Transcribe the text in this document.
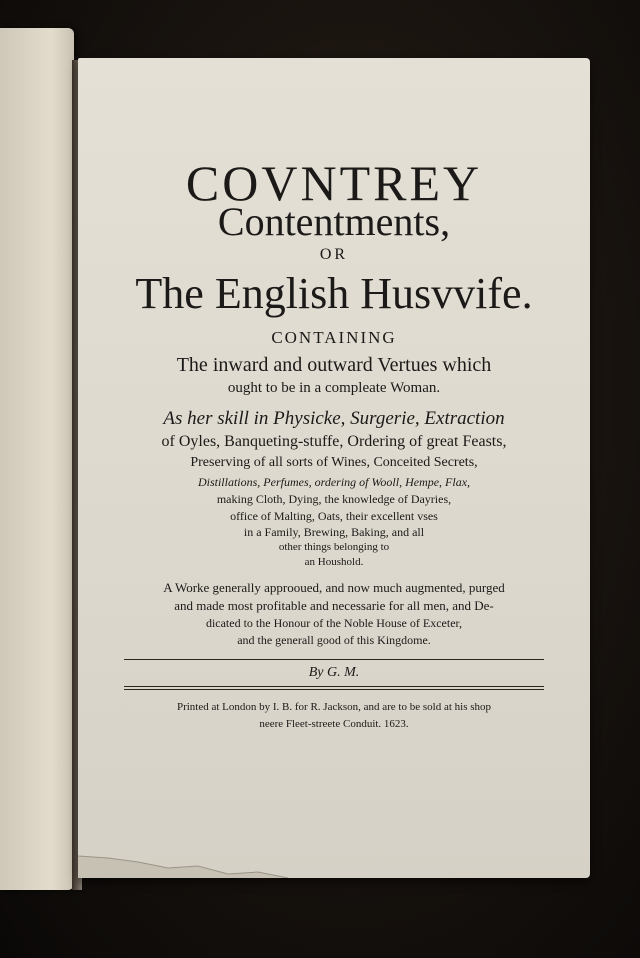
COVNTREY
Contentments,
OR
The English Husvvife.
CONTAINING
The inward and outward Vertues which
ought to be in a compleate Woman.
As her skill in Physicke, Surgerie, Extraction
of Oyles, Banqueting-stuffe, Ordering of great Feasts,
Preserving of all sorts of Wines, Conceited Secrets,
Distillations, Perfumes, ordering of Wooll, Hempe, Flax,
making Cloth, Dying, the knowledge of Dayries,
office of Malting, Oats, their excellent vses
in a Family, Brewing, Baking, and all
other things belonging to
an Houshold.
A Worke generally approoued, and now much augmented, purged
and made most profitable and necessarie for all men, and De-
dicated to the Honour of the Noble House of Exceter,
and the generall good of this Kingdome.
By G. M.
Printed at London by I. B. for R. Jackson, and are to be sold at his shop
neere Fleet-streete Conduit. 1623.
